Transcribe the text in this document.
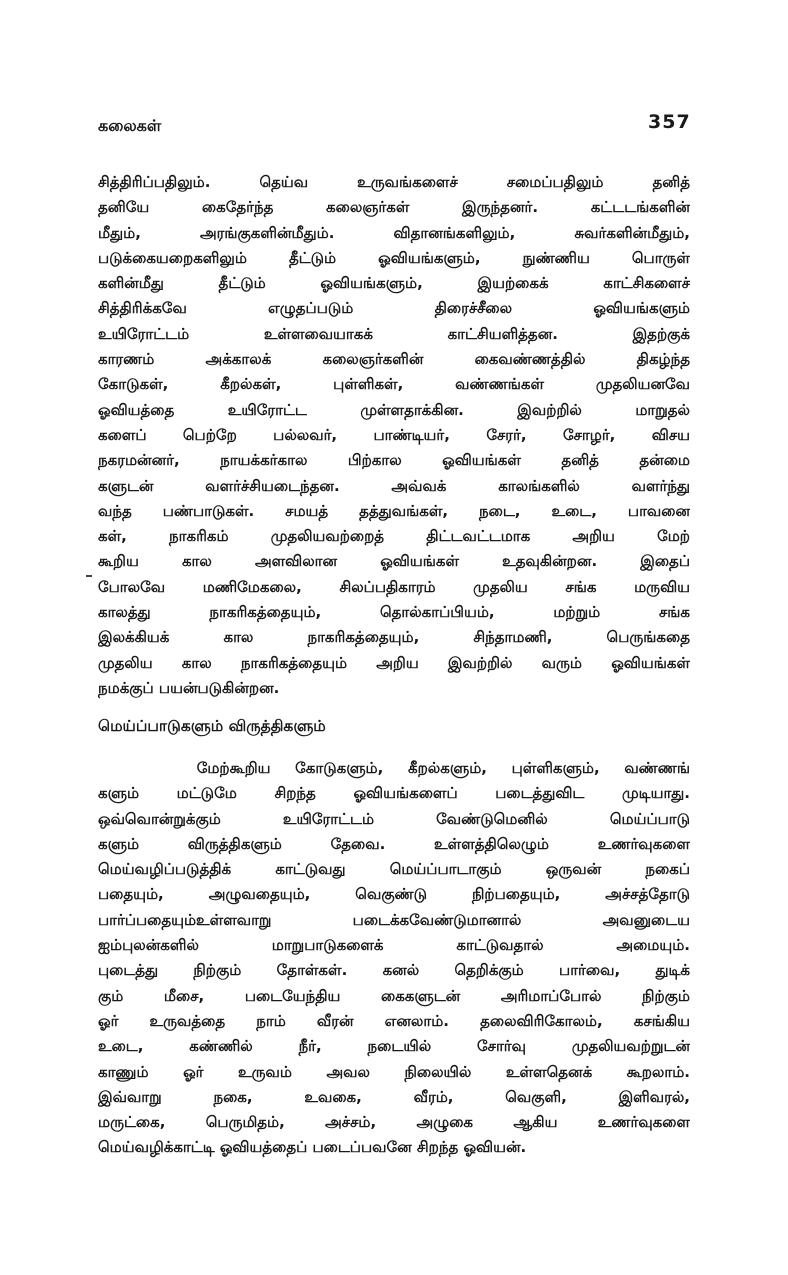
கலைகள்	357
சித்திரிப்பதிலும். தெய்வ உருவங்களைச் சமைப்பதிலும் தனித்
தனியே கைதேர்ந்த கலைஞர்கள் இருந்தனர். கட்டடங்களின்
மீதும், அரங்குகளின்மீதும். விதானங்களிலும், சுவர்களின்மீதும்,
படுக்கையறைகளிலும் தீட்டும் ஓவியங்களும், நுண்ணிய பொருள்
களின்மீது தீட்டும் ஓவியங்களும், இயற்கைக் காட்சிகளைச்
சித்திரிக்கவே எழுதப்படும் திரைச்சீலை ஓவியங்களும்
உயிரோட்டம் உள்ளவையாகக் காட்சியளித்தன. இதற்குக்
காரணம் அக்காலக் கலைஞர்களின் கைவண்ணத்தில் திகழ்ந்த
கோடுகள், கீறல்கள், புள்ளிகள், வண்ணங்கள் முதலியனவே
ஓவியத்தை உயிரோட்ட முள்ளதாக்கின. இவற்றில் மாறுதல்
களைப் பெற்றே பல்லவர், பாண்டியர், சேரர், சோழர், விசய
நகரமன்னர், நாயக்கர்கால பிற்கால ஓவியங்கள் தனித் தன்மை
களுடன் வளர்ச்சியடைந்தன. அவ்வக் காலங்களில் வளர்ந்து
வந்த பண்பாடுகள். சமயத் தத்துவங்கள், நடை, உடை, பாவனை
கள், நாகரிகம் முதலியவற்றைத் திட்டவட்டமாக அறிய மேற்
கூறிய கால அளவிலான ஓவியங்கள் உதவுகின்றன. இதைப்
போலவே மணிமேகலை, சிலப்பதிகாரம் முதலிய சங்க மருவிய
காலத்து நாகரிகத்தையும், தொல்காப்பியம், மற்றும் சங்க
இலக்கியக் கால நாகரிகத்தையும், சிந்தாமணி, பெருங்கதை
முதலிய கால நாகரிகத்தையும் அறிய இவற்றில் வரும் ஓவியங்கள்
நமக்குப் பயன்படுகின்றன.
மெய்ப்பாடுகளும் விருத்திகளும்
மேற்கூறிய கோடுகளும், கீறல்களும், புள்ளிகளும், வண்ணங்
களும் மட்டுமே சிறந்த ஓவியங்களைப் படைத்துவிட முடியாது.
ஒவ்வொன்றுக்கும் உயிரோட்டம் வேண்டுமெனில் மெய்ப்பாடு
களும் விருத்திகளும் தேவை. உள்ளத்திலெழும் உணர்வுகளை
மெய்வழிப்படுத்திக் காட்டுவது மெய்ப்பாடாகும் ஒருவன் நகைப்
பதையும், அழுவதையும், வெகுண்டு நிற்பதையும், அச்சத்தோடு
பார்ப்பதையும்உள்ளவாறு படைக்கவேண்டுமானால் அவனுடைய
ஐம்புலன்களில் மாறுபாடுகளைக் காட்டுவதால் அமையும்.
புடைத்து நிற்கும் தோள்கள். கனல் தெறிக்கும் பார்வை, துடிக்
கும் மீசை, படையேந்திய கைகளுடன் அரிமாப்போல் நிற்கும்
ஓர் உருவத்தை நாம் வீரன் எனலாம். தலைவிரிகோலம், கசங்கிய
உடை, கண்ணில் நீர், நடையில் சோர்வு முதலியவற்றுடன்
காணும் ஓர் உருவம் அவல நிலையில் உள்ளதெனக் கூறலாம்.
இவ்வாறு நகை, உவகை, வீரம், வெகுளி, இளிவரல்,
மருட்கை, பெருமிதம், அச்சம், அழுகை ஆகிய உணர்வுகளை
மெய்வழிக்காட்டி ஓவியத்தைப் படைப்பவனே சிறந்த ஓவியன்.
